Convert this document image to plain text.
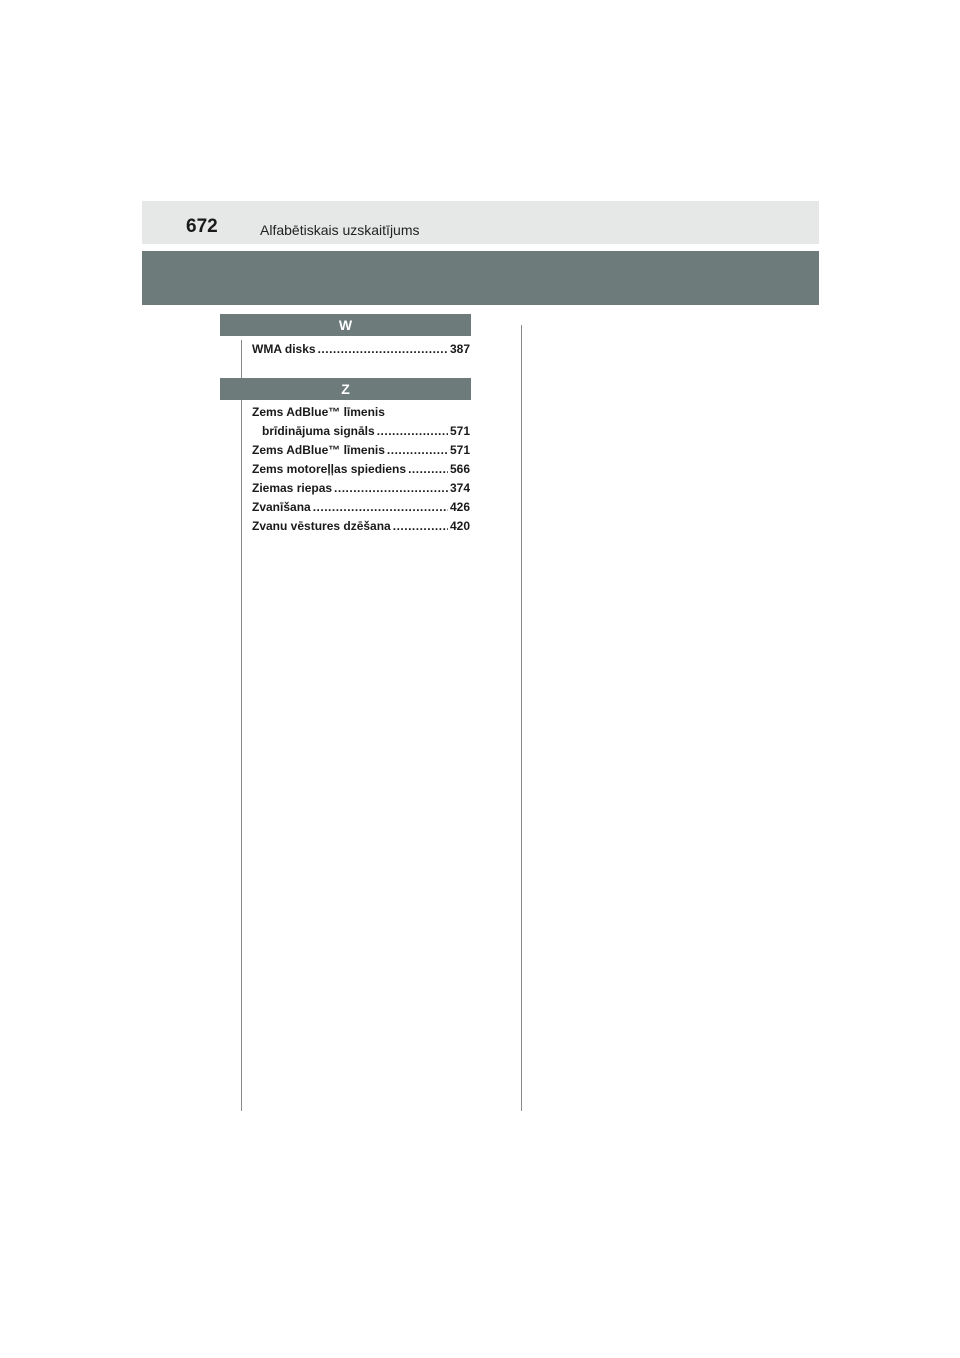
672	Alfabētiskais uzskaitījums
W
WMA disks .....	387
Z
Zems AdBlue™ līmenis
brīdinājuma signāls .....	571
Zems AdBlue™ līmenis .....	571
Zems motoreļļas spiediens .....	566
Ziemas riepas .....	374
Zvanīšana .....	426
Zvanu vēstures dzēšana .....	420
